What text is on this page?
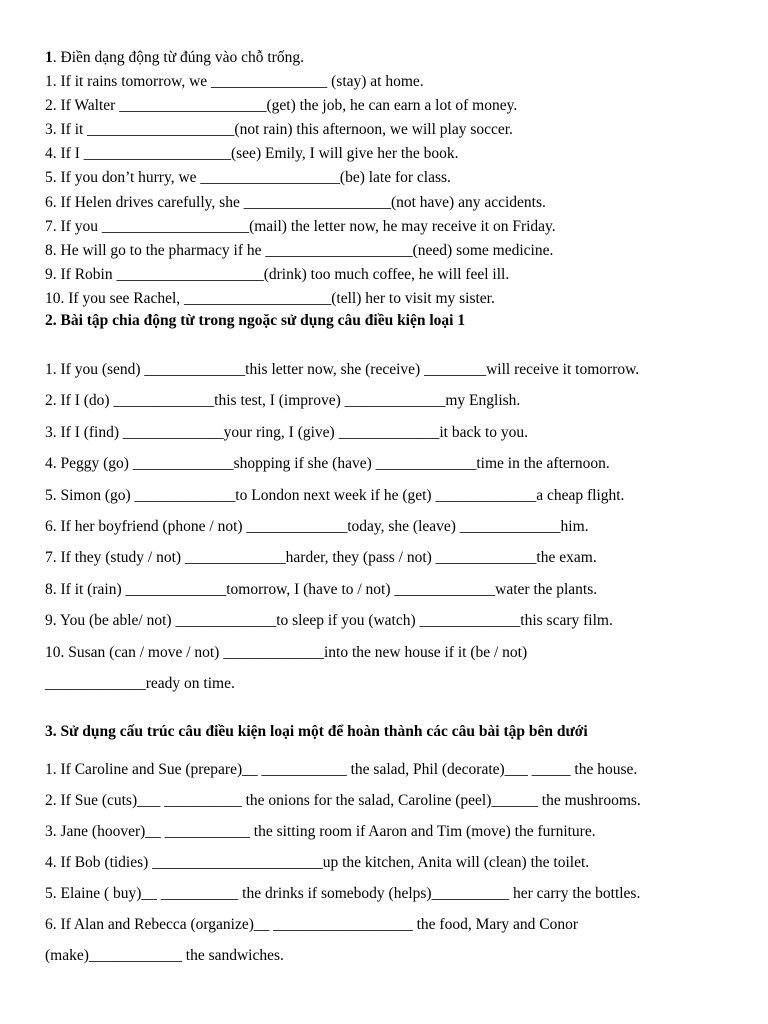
1. Điền dạng động từ đúng vào chỗ trống.
1. If it rains tomorrow, we _______________ (stay) at home.
2. If Walter ___________________(get) the job, he can earn a lot of money.
3. If it ___________________(not rain) this afternoon, we will play soccer.
4. If I ___________________(see) Emily, I will give her the book.
5. If you don’t hurry, we __________________(be) late for class.
6. If Helen drives carefully, she ___________________(not have) any accidents.
7. If you ___________________(mail) the letter now, he may receive it on Friday.
8. He will go to the pharmacy if he ___________________(need) some medicine.
9. If Robin ___________________(drink) too much coffee, he will feel ill.
10. If you see Rachel, ___________________(tell) her to visit my sister.
2. Bài tập chia động từ trong ngoặc sử dụng câu điều kiện loại 1
1. If you (send) _____________this letter now, she (receive) ________will receive it tomorrow.
2. If I (do) _____________this test, I (improve) _____________my English.
3. If I (find) _____________your ring, I (give) _____________it back to you.
4. Peggy (go) _____________shopping if she (have) _____________time in the afternoon.
5. Simon (go) _____________to London next week if he (get) _____________a cheap flight.
6. If her boyfriend (phone / not) _____________today, she (leave) _____________him.
7. If they (study / not) _____________harder, they (pass / not) _____________the exam.
8. If it (rain) _____________tomorrow, I (have to / not) _____________water the plants.
9. You (be able/ not) _____________to sleep if you (watch) _____________this scary film.
10. Susan (can / move / not) _____________into the new house if it (be / not)
_____________ready on time.
3. Sử dụng cấu trúc câu điều kiện loại một để hoàn thành các câu bài tập bên dưới
1. If Caroline and Sue (prepare)__ ___________ the salad, Phil (decorate)___ _____ the house.
2. If Sue (cuts)___ __________ the onions for the salad, Caroline (peel)______ the mushrooms.
3. Jane (hoover)__ ___________ the sitting room if Aaron and Tim (move) the furniture.
4. If Bob (tidies) ______________________up the kitchen, Anita will (clean) the toilet.
5. Elaine ( buy)__ __________ the drinks if somebody (helps)__________ her carry the bottles.
6. If Alan and Rebecca (organize)__ __________________ the food, Mary and Conor
(make)____________ the sandwiches.
